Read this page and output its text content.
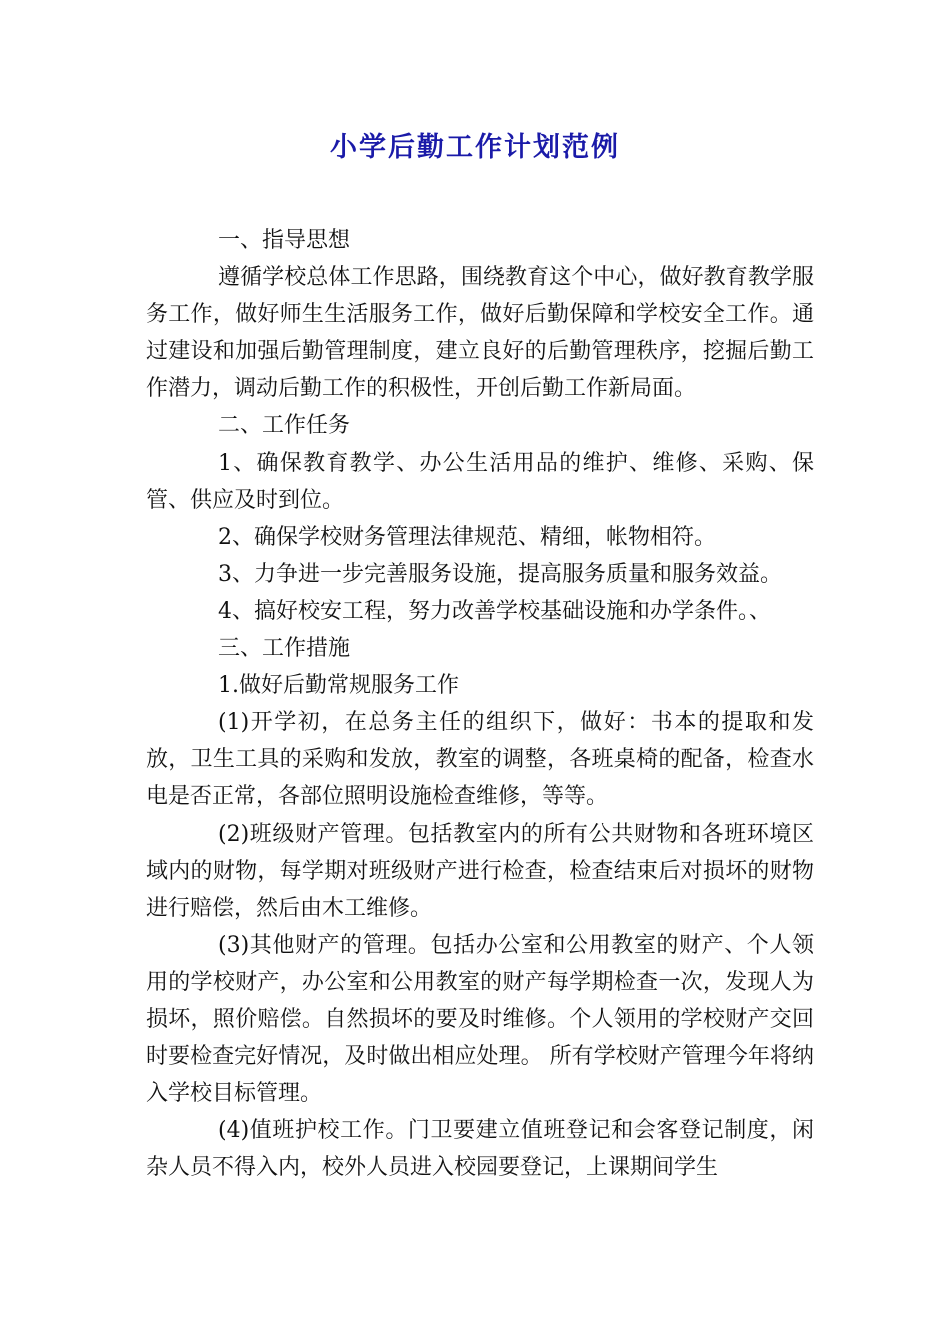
小学后勤工作计划范例

一、指导思想

遵循学校总体工作思路，围绕教育这个中心，做好教育教学服务工作，做好师生生活服务工作，做好后勤保障和学校安全工作。通过建设和加强后勤管理制度，建立良好的后勤管理秩序，挖掘后勤工作潜力，调动后勤工作的积极性，开创后勤工作新局面。

二、工作任务

1、确保教育教学、办公生活用品的维护、维修、采购、保管、供应及时到位。

2、确保学校财务管理法律规范、精细，帐物相符。

3、力争进一步完善服务设施，提高服务质量和服务效益。

4、搞好校安工程，努力改善学校基础设施和办学条件。、

三、工作措施

1.做好后勤常规服务工作

(1)开学初，在总务主任的组织下，做好：书本的提取和发放，卫生工具的采购和发放，教室的调整，各班桌椅的配备，检查水电是否正常，各部位照明设施检查维修，等等。

(2)班级财产管理。包括教室内的所有公共财物和各班环境区域内的财物，每学期对班级财产进行检查，检查结束后对损坏的财物进行赔偿，然后由木工维修。

(3)其他财产的管理。包括办公室和公用教室的财产、个人领用的学校财产，办公室和公用教室的财产每学期检查一次，发现人为损坏，照价赔偿。自然损坏的要及时维修。个人领用的学校财产交回时要检查完好情况，及时做出相应处理。 所有学校财产管理今年将纳入学校目标管理。

(4)值班护校工作。门卫要建立值班登记和会客登记制度，闲杂人员不得入内，校外人员进入校园要登记，上课期间学生
